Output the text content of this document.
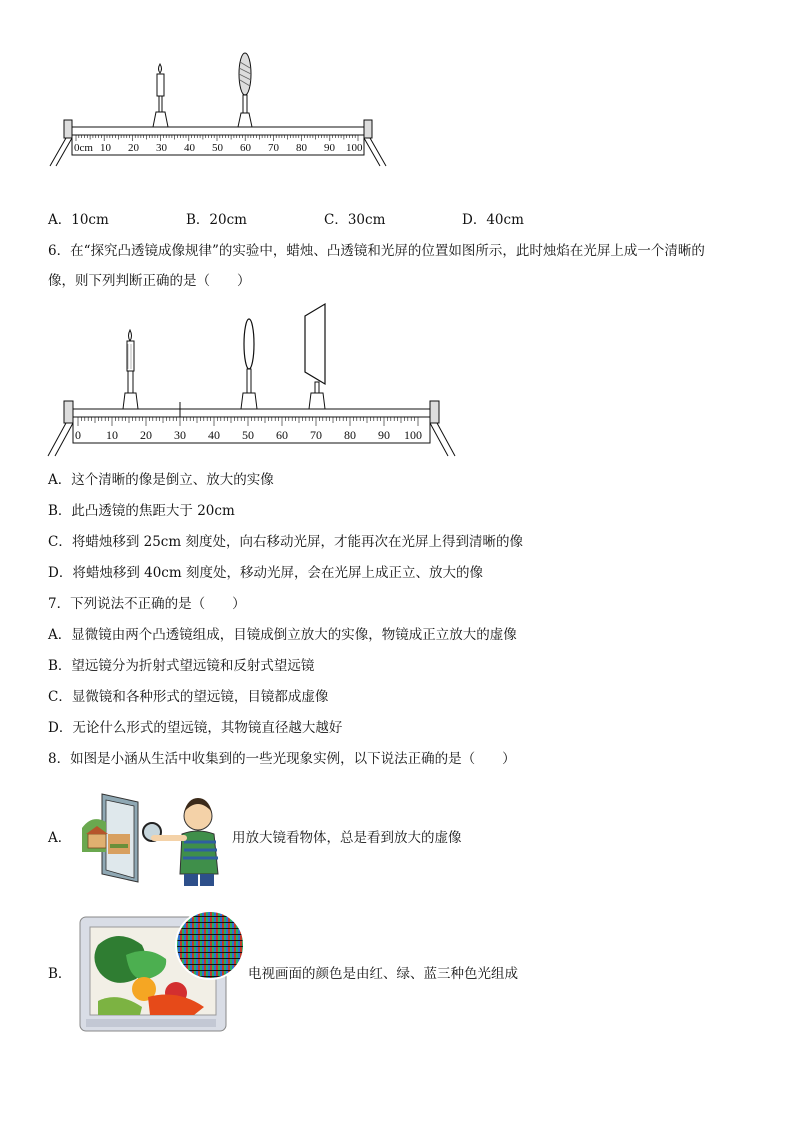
0cm 10 20 30 40 50 60 70 80 90 100
A．10cm	B．20cm	C．30cm	D．40cm
6．在“探究凸透镜成像规律”的实验中，蜡烛、凸透镜和光屏的位置如图所示，此时烛焰在光屏上成一个清晰的
像，则下列判断正确的是（　　）
0 10 20 30 40 50 60 70 80 90 100
A．这个清晰的像是倒立、放大的实像
B．此凸透镜的焦距大于 20cm
C．将蜡烛移到 25cm 刻度处，向右移动光屏，才能再次在光屏上得到清晰的像
D．将蜡烛移到 40cm 刻度处，移动光屏，会在光屏上成正立、放大的像
7．下列说法不正确的是（　　）
A．显微镜由两个凸透镜组成，目镜成倒立放大的实像，物镜成正立放大的虚像
B．望远镜分为折射式望远镜和反射式望远镜
C．显微镜和各种形式的望远镜，目镜都成虚像
D．无论什么形式的望远镜，其物镜直径越大越好
8．如图是小涵从生活中收集到的一些光现象实例，以下说法正确的是（　　）
A．	用放大镜看物体，总是看到放大的虚像
B．	电视画面的颜色是由红、绿、蓝三种色光组成
